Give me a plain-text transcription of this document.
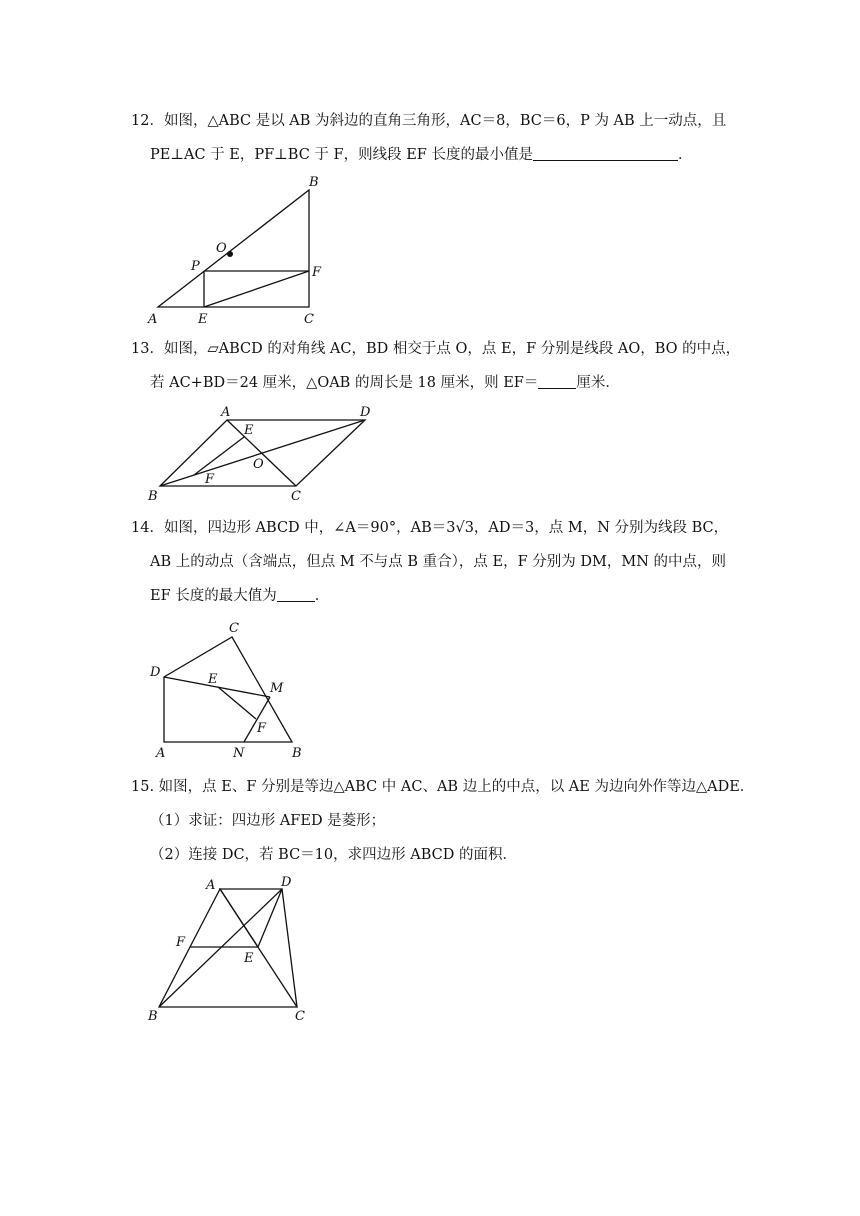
12．如图，△ABC 是以 AB 为斜边的直角三角形，AC＝8，BC＝6，P 为 AB 上一动点，且
PE⊥AC 于 E，PF⊥BC 于 F，则线段 EF 长度的最小值是	．
A
B
C
E
F
O
P
13．如图，▱ABCD 的对角线 AC，BD 相交于点 O，点 E，F 分别是线段 AO，BO 的中点，
若 AC+BD＝24 厘米，△OAB 的周长是 18 厘米，则 EF＝	厘米．
A
B	C
D
E
F
O
14．如图，四边形 ABCD 中，∠A＝90°，AB＝3√3，AD＝3，点 M，N 分别为线段 BC，
AB 上的动点（含端点，但点 M 不与点 B 重合），点 E，F 分别为 DM，MN 的中点，则
EF 长度的最大值为	．
A	B
C
D	E
F
M
N
15. 如图，点 E、F 分别是等边△ABC 中 AC、AB 边上的中点，以 AE 为边向外作等边△ADE．
（1）求证：四边形 AFED 是菱形；
（2）连接 DC，若 BC＝10，求四边形 ABCD 的面积．
A
B	C
D
E
F
